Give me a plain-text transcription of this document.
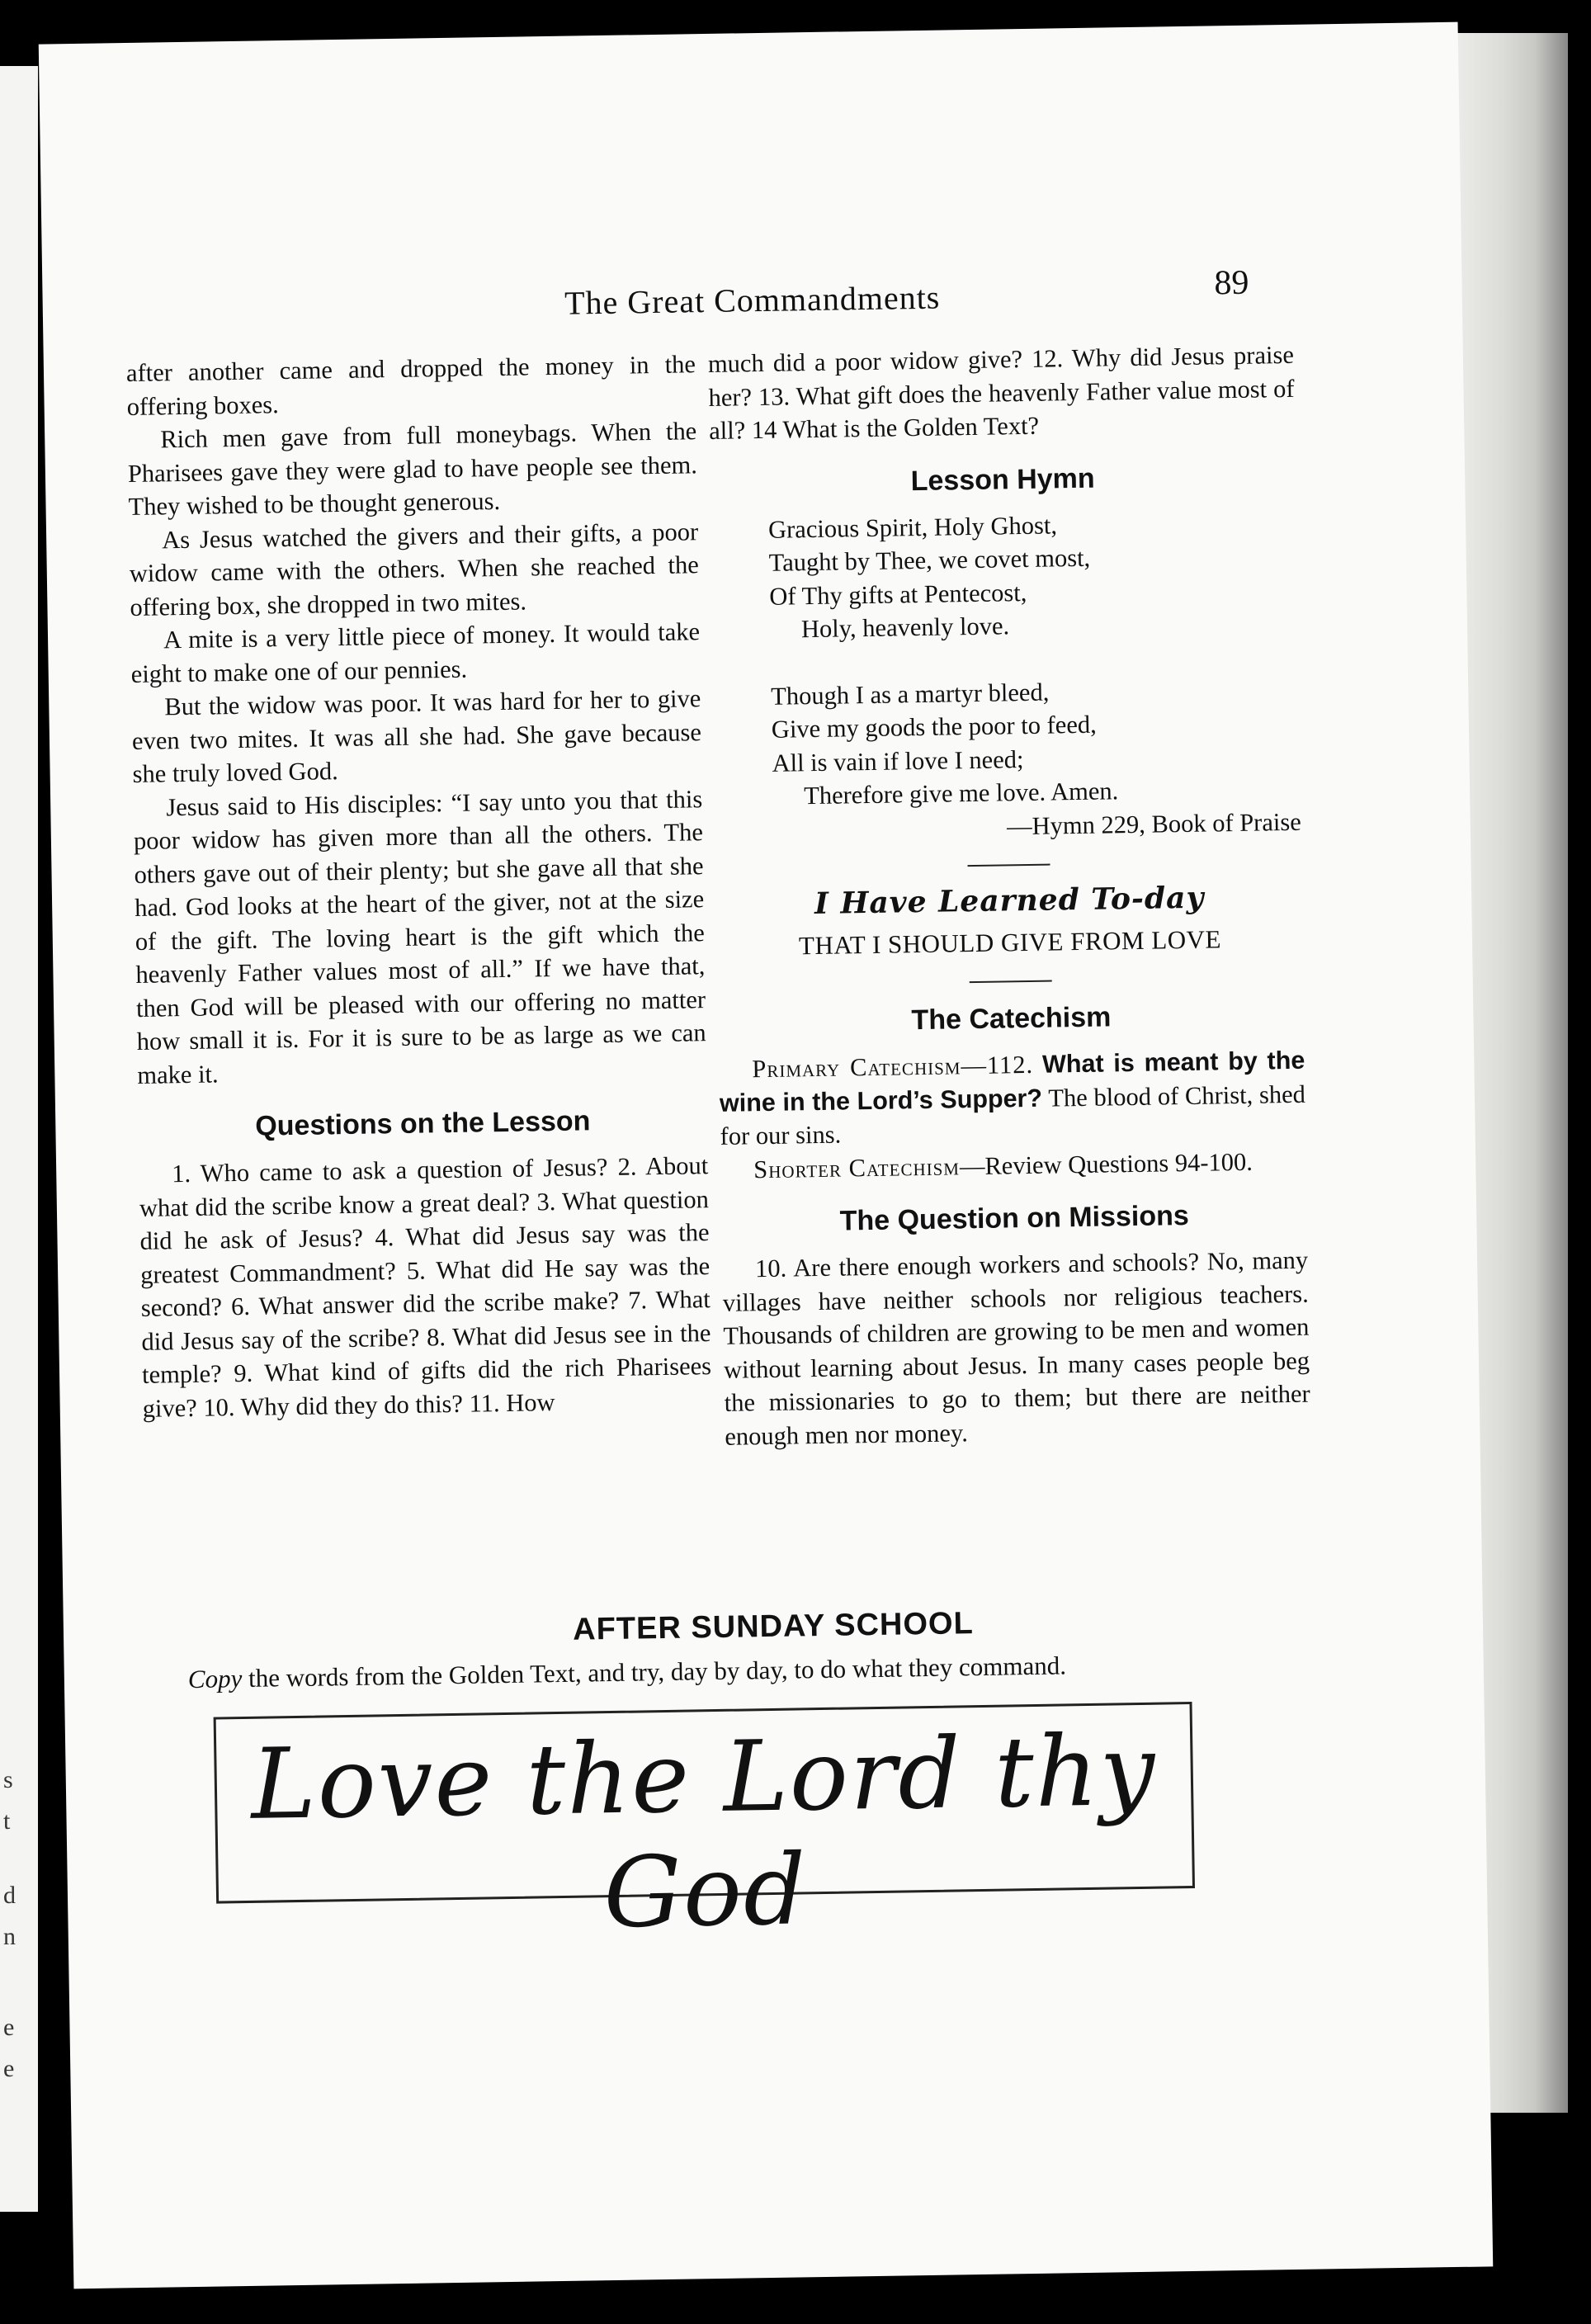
s
t
d
n
e
e
The Great Commandments	89

after another came and dropped the money in the offering boxes.

Rich men gave from full moneybags. When the Pharisees gave they were glad to have people see them. They wished to be thought generous.

As Jesus watched the givers and their gifts, a poor widow came with the others. When she reached the offering box, she dropped in two mites.

A mite is a very little piece of money. It would take eight to make one of our pennies.

But the widow was poor. It was hard for her to give even two mites. It was all she had. She gave because she truly loved God.

Jesus said to His disciples: “I say unto you that this poor widow has given more than all the others. The others gave out of their plenty; but she gave all that she had. God looks at the heart of the giver, not at the size of the gift. The loving heart is the gift which the heavenly Father values most of all.” If we have that, then God will be pleased with our offering no matter how small it is. For it is sure to be as large as we can make it.

Questions on the Lesson

1. Who came to ask a question of Jesus? 2. About what did the scribe know a great deal? 3. What question did he ask of Jesus? 4. What did Jesus say was the greatest Commandment? 5. What did He say was the second? 6. What answer did the scribe make? 7. What did Jesus say of the scribe? 8. What did Jesus see in the temple? 9. What kind of gifts did the rich Pharisees give? 10. Why did they do this? 11. How

much did a poor widow give? 12. Why did Jesus praise her? 13. What gift does the heavenly Father value most of all? 14 What is the Golden Text?

Lesson Hymn
Gracious Spirit, Holy Ghost,
Taught by Thee, we covet most,
Of Thy gifts at Pentecost,
Holy, heavenly love.
Though I as a martyr bleed,
Give my goods the poor to feed,
All is vain if love I need;
Therefore give me love. Amen.
—Hymn 229, Book of Praise
I Have Learned To-day
THAT I SHOULD GIVE FROM LOVE
The Catechism

Primary Catechism—112. What is meant by the wine in the Lord’s Supper? The blood of Christ, shed for our sins.

Shorter Catechism—Review Questions 94-100.

The Question on Missions

10. Are there enough workers and schools? No, many villages have neither schools nor religious teachers. Thousands of children are growing to be men and women without learning about Jesus. In many cases people beg the missionaries to go to them; but there are neither enough men nor money.

AFTER SUNDAY SCHOOL
Copy the words from the Golden Text, and try, day by day, to do what they command.
Love the Lord thy God
